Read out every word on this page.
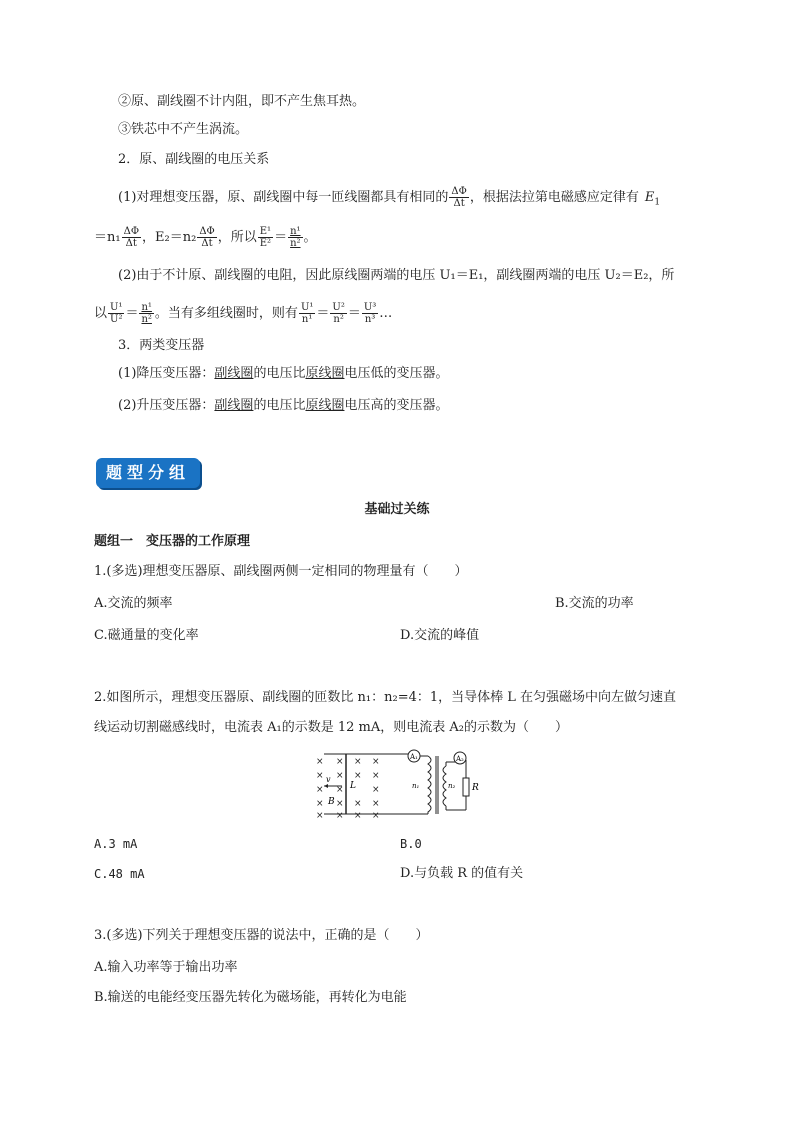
②原、副线圈不计内阻，即不产生焦耳热。
③铁芯中不产生涡流。
2．原、副线圈的电压关系
(1)对理想变压器，原、副线圈中每一匝线圈都具有相同的 $\frac{\Delta\Phi}{\Delta t}$ ，根据法拉第电磁感应定律有 $E_1$
$=n_1 \frac{\Delta\Phi}{\Delta t}$ ，$E_2=n_2 \frac{\Delta\Phi}{\Delta t}$ ，所以 $\frac{\text{E¹}}{\text{E²}} = \frac{\text{n¹}}{\text{n²}}$ 。
(2)由于不计原、副线圈的电阻，因此原线圈两端的电压 U₁＝E₁，副线圈两端的电压 U₂＝E₂，所
以 $\frac{\text{U¹}}{\text{U²}} = \frac{\text{n¹}}{\text{n²}}$ 。当有多组线圈时，则有 $\frac{\text{U¹}}{\text{n¹}} = \frac{\text{U²}}{\text{n²}} = \frac{\text{U³}}{\text{n³}}$ …
3．两类变压器
(1)降压变压器：副线圈的电压比原线圈电压低的变压器。
(2)升压变压器：副线圈的电压比原线圈电压高的变压器。
题型分组
基础过关练
题组一　变压器的工作原理
1.(多选)理想变压器原、副线圈两侧一定相同的物理量有（　　）
A.交流的频率	B.交流的功率
C.磁通量的变化率	D.交流的峰值
2.如图所示，理想变压器原、副线圈的匝数比 n₁：n₂=4：1，当导体棒 L 在匀强磁场中向左做匀速直
线运动切割磁感线时，电流表 A₁的示数是 12 mA，则电流表 A₂的示数为（　　）
× × × ×
× × × ×
× ×	×
× × × ×
× × × ×
v
L
B
A₁
n₁	n₂
A₂
R
A.3 mA	B.0
C.48 mA	D.与负载 R 的值有关
3.(多选)下列关于理想变压器的说法中，正确的是（　　）
A.输入功率等于输出功率
B.输送的电能经变压器先转化为磁场能，再转化为电能
